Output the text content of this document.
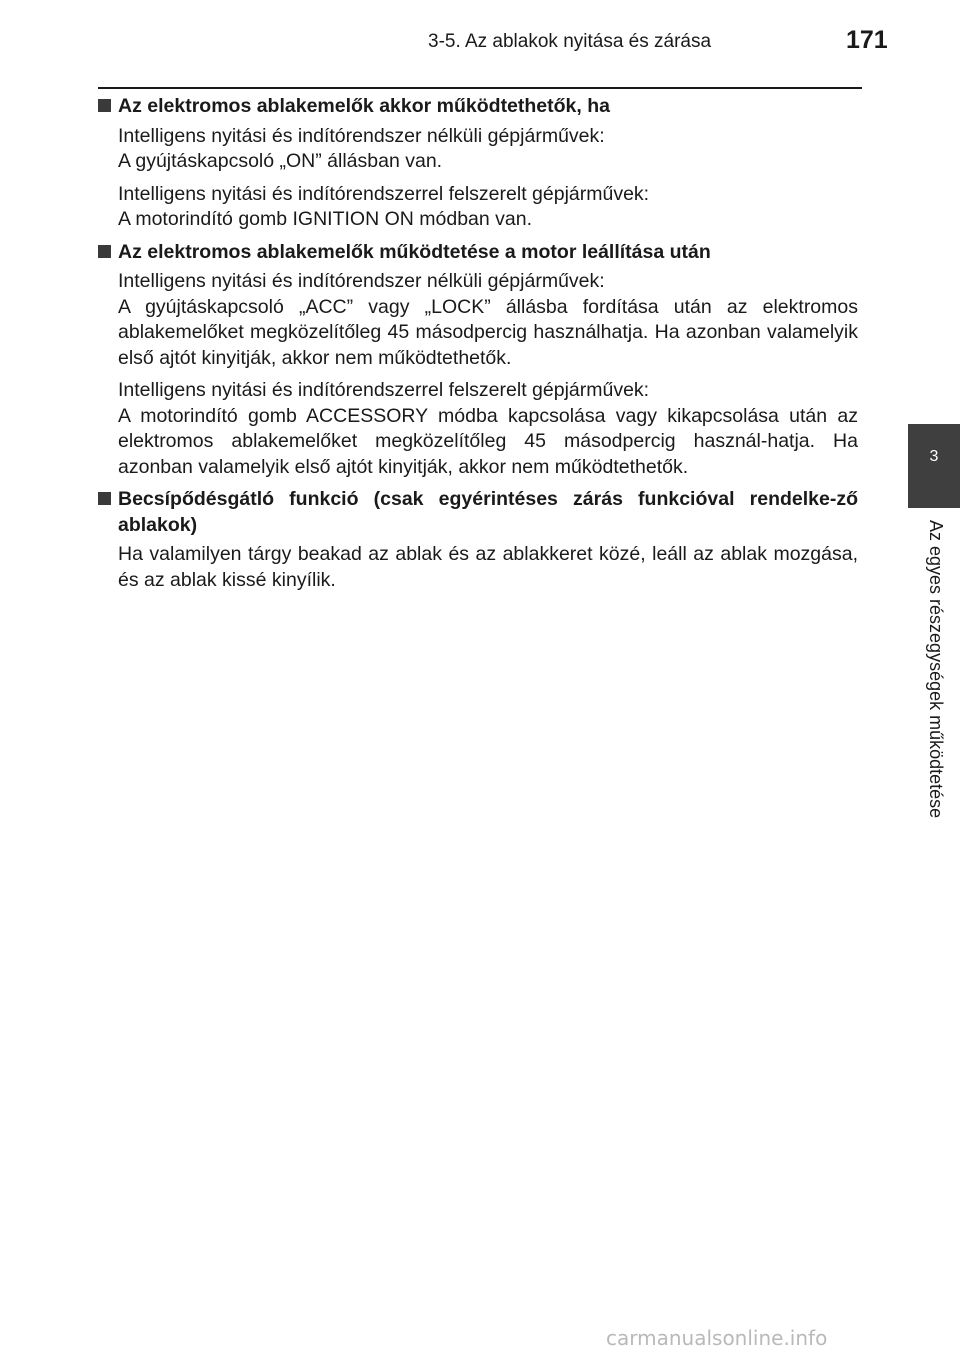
3-5. Az ablakok nyitása és zárása	171
Az elektromos ablakemelők akkor működtethetők, ha
Intelligens nyitási és indítórendszer nélküli gépjárművek:
A gyújtáskapcsoló „ON” állásban van.
Intelligens nyitási és indítórendszerrel felszerelt gépjárművek:
A motorindító gomb IGNITION ON módban van.
Az elektromos ablakemelők működtetése a motor leállítása után
Intelligens nyitási és indítórendszer nélküli gépjárművek:
A gyújtáskapcsoló „ACC” vagy „LOCK” állásba fordítása után az elektromos ablakemelőket megközelítőleg 45 másodpercig használhatja. Ha azonban valamelyik első ajtót kinyitják, akkor nem működtethetők.
Intelligens nyitási és indítórendszerrel felszerelt gépjárművek:
A motorindító gomb ACCESSORY módba kapcsolása vagy kikapcsolása után az elektromos ablakemelőket megközelítőleg 45 másodpercig használ-hatja. Ha azonban valamelyik első ajtót kinyitják, akkor nem működtethetők.
Becsípődésgátló funkció (csak egyérintéses zárás funkcióval rendelke-ző ablakok)
Ha valamilyen tárgy beakad az ablak és az ablakkeret közé, leáll az ablak mozgása, és az ablak kissé kinyílik.
3
Az egyes részegységek működtetése
carmanualsonline.info
